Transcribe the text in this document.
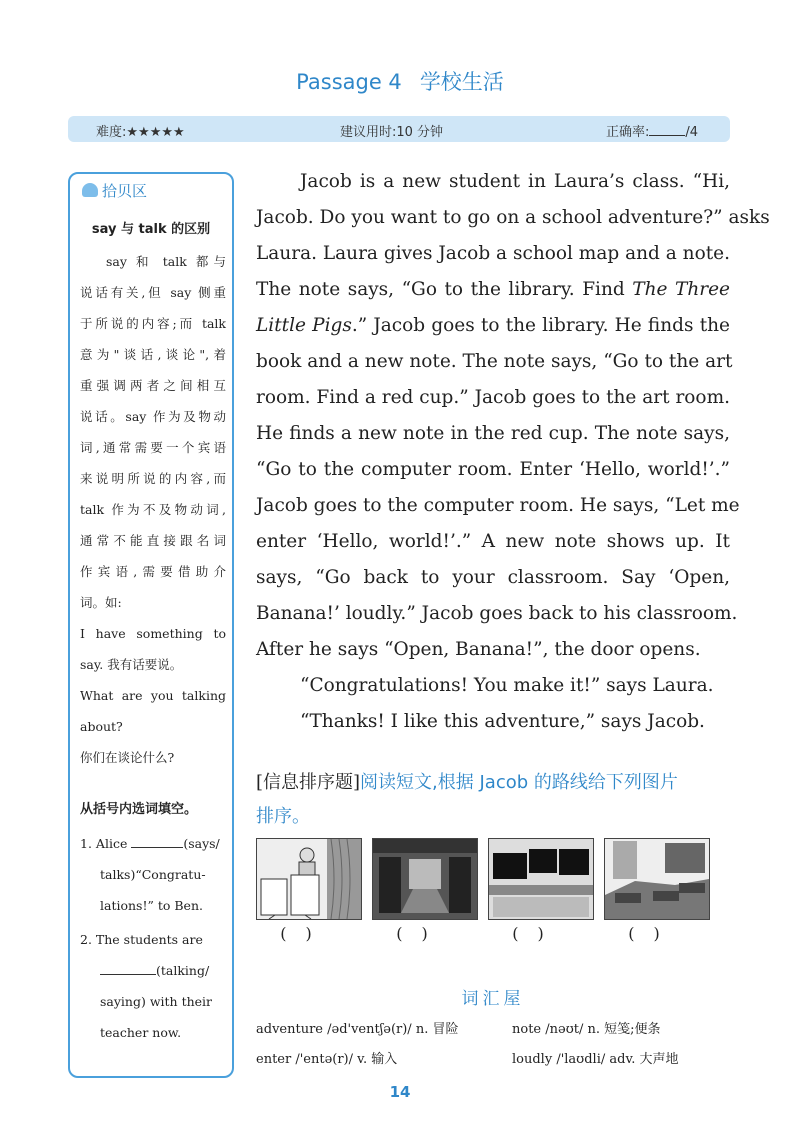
Passage 4 学校生活
难度:★★★★★	建议用时:10 分钟	正确率:	/4
拾贝区
say 与 talk 的区别
say 和 talk 都与
说话有关,但 say 侧重
于所说的内容;而 talk
意为"谈话,谈论",着
重强调两者之间相互
说话。say 作为及物动
词,通常需要一个宾语
来说明所说的内容,而
talk 作为不及物动词,
通常不能直接跟名词
作宾语,需要借助介
词。如:
I have something to
say. 我有话要说。
What are you talking
about?
你们在谈论什么?
从括号内选词填空。
1. Alice	(says/
talks)“Congratu-
lations!” to Ben.
2. The students are
(talking/
saying) with their
teacher now.
Jacob is a new student in Laura’s class. “Hi,
Jacob. Do you want to go on a school adventure?” asks
Laura. Laura gives Jacob a school map and a note.
The note says, “Go to the library. Find The Three
Little Pigs.” Jacob goes to the library. He finds the
book and a new note. The note says, “Go to the art
room. Find a red cup.” Jacob goes to the art room.
He finds a new note in the red cup. The note says,
“Go to the computer room. Enter ‘Hello, world!’.”
Jacob goes to the computer room. He says, “Let me
enter ‘Hello, world!’.” A new note shows up. It
says, “Go back to your classroom. Say ‘Open,
Banana!’ loudly.” Jacob goes back to his classroom.
After he says “Open, Banana!”, the door opens.
“Congratulations! You make it!” says Laura.
“Thanks! I like this adventure,” says Jacob.
[信息排序题]阅读短文,根据 Jacob 的路线给下列图片
排序。
( )	( )	( )	( )
词汇屋
adventure /əd'ventʃə(r)/ n. 冒险	note /nəʊt/ n. 短笺;便条
enter /'entə(r)/ v. 输入	loudly /'laʊdli/ adv. 大声地
14
